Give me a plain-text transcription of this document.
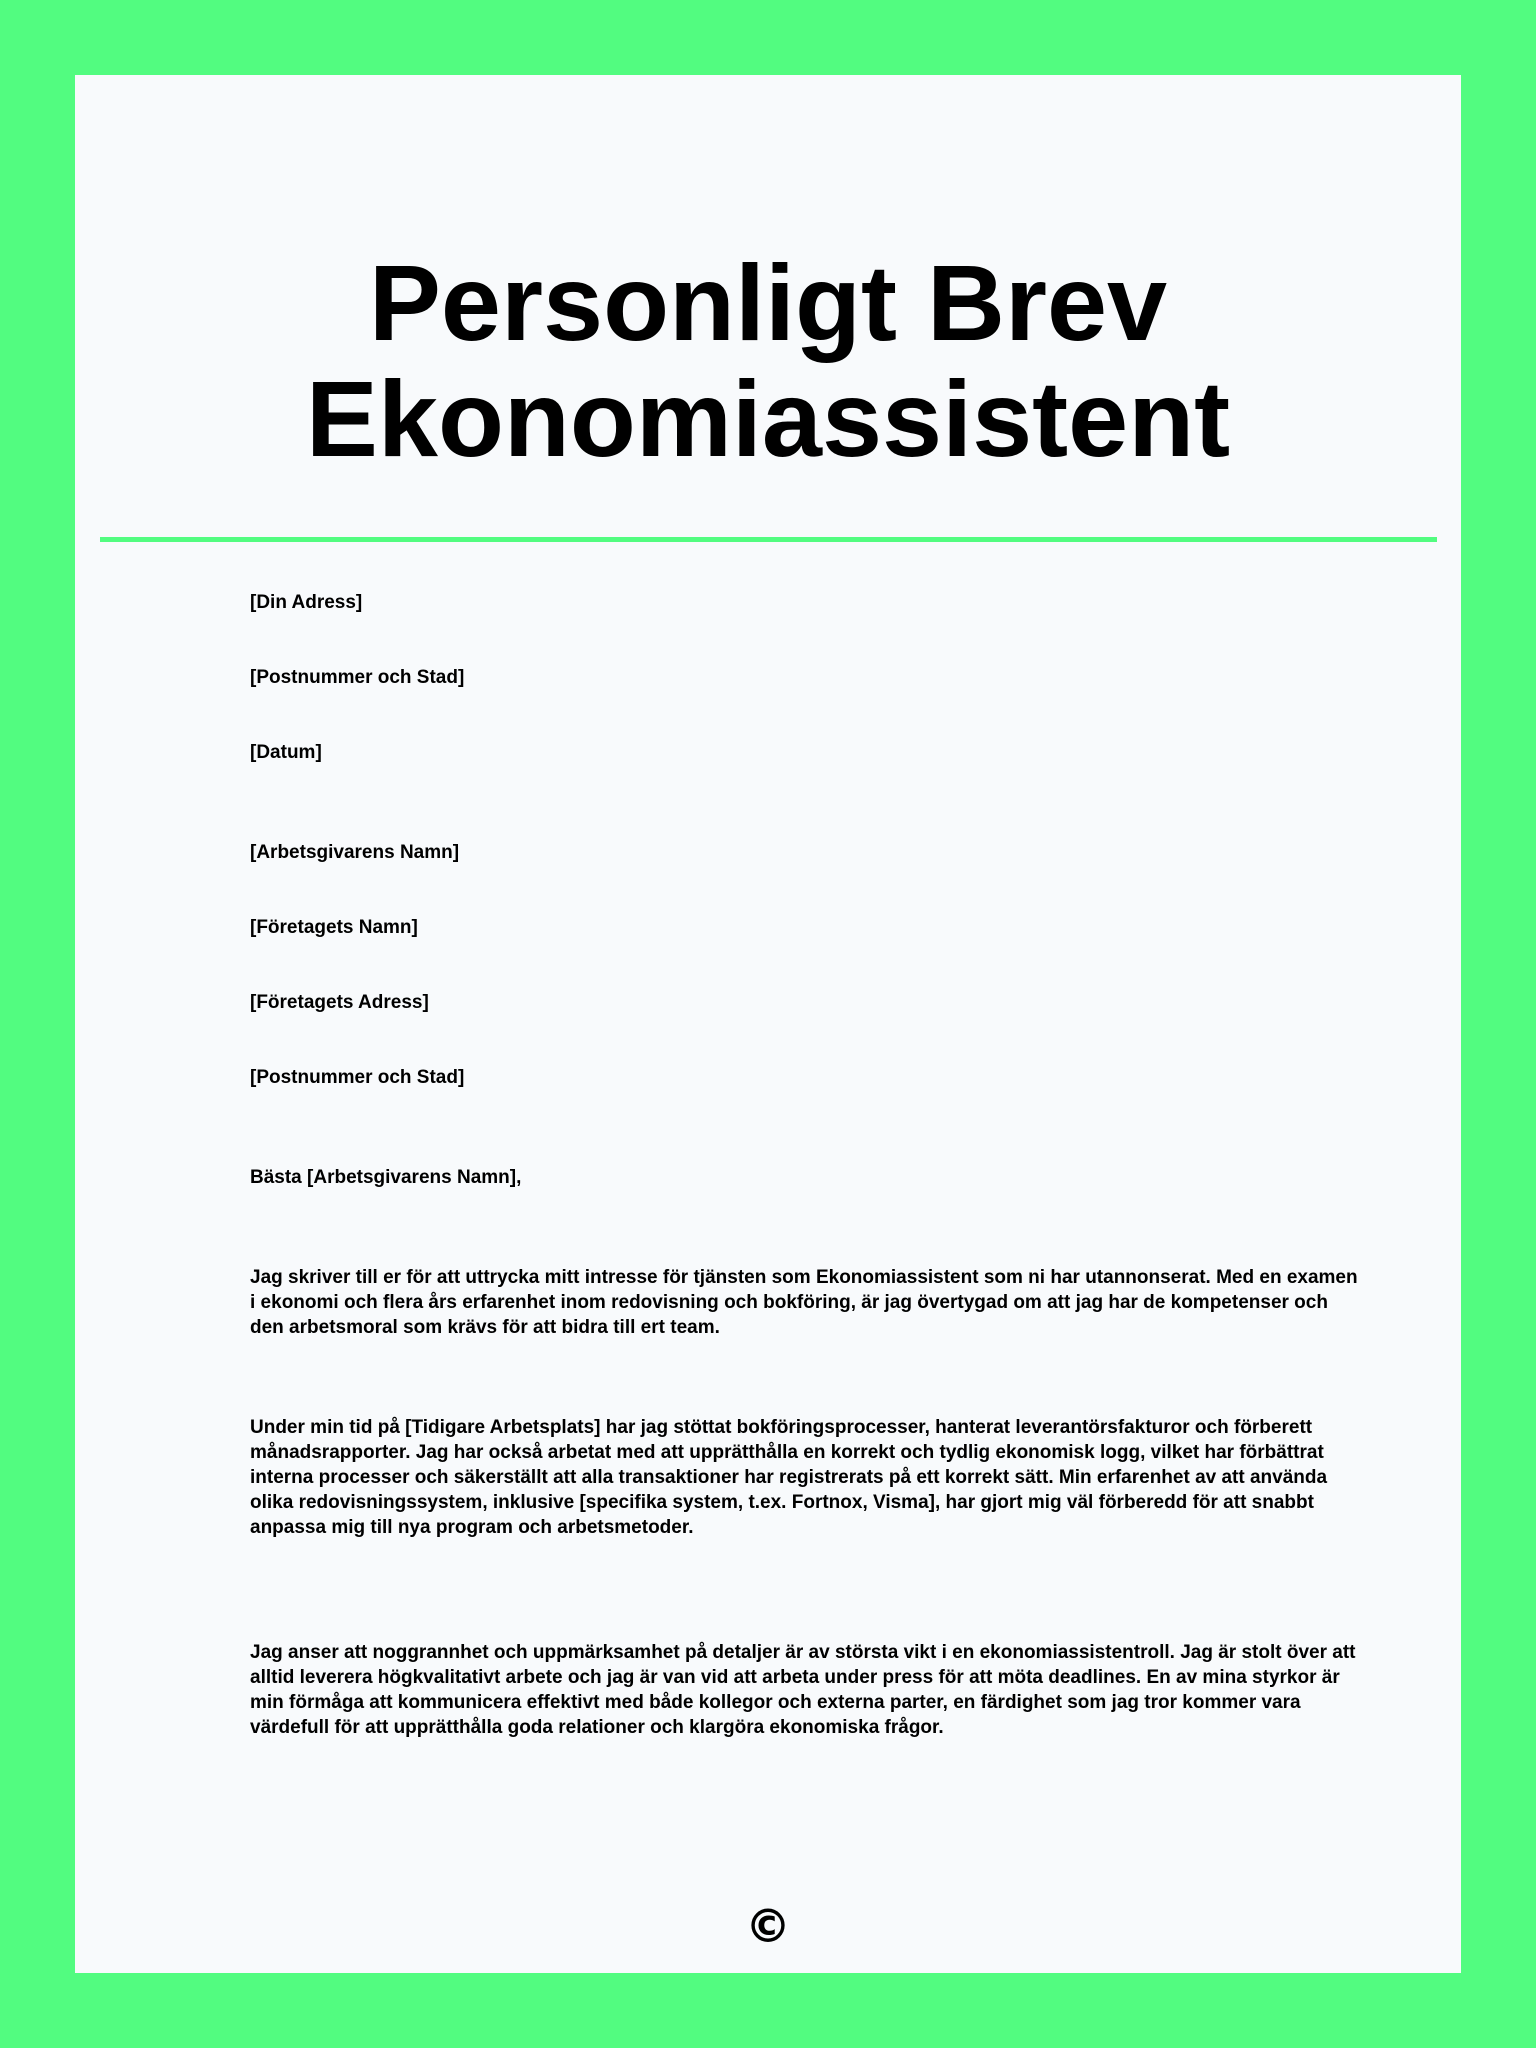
Personligt Brev
Ekonomiassistent

[Din Adress]

[Postnummer och Stad]

[Datum]

[Arbetsgivarens Namn]

[Företagets Namn]

[Företagets Adress]

[Postnummer och Stad]

Bästa [Arbetsgivarens Namn],

Jag skriver till er för att uttrycka mitt intresse för tjänsten som Ekonomiassistent som ni har utannonserat. Med en examen i ekonomi och flera års erfarenhet inom redovisning och bokföring, är jag övertygad om att jag har de kompetenser och den arbetsmoral som krävs för att bidra till ert team.

Under min tid på [Tidigare Arbetsplats] har jag stöttat bokföringsprocesser, hanterat leverantörsfakturor och förberett månadsrapporter. Jag har också arbetat med att upprätthålla en korrekt och tydlig ekonomisk logg, vilket har förbättrat interna processer och säkerställt att alla transaktioner har registrerats på ett korrekt sätt. Min erfarenhet av att använda olika redovisningssystem, inklusive [specifika system, t.ex. Fortnox, Visma], har gjort mig väl förberedd för att snabbt anpassa mig till nya program och arbetsmetoder.

Jag anser att noggrannhet och uppmärksamhet på detaljer är av största vikt i en ekonomiassistentroll. Jag är stolt över att alltid leverera högkvalitativt arbete och jag är van vid att arbeta under press för att möta deadlines. En av mina styrkor är min förmåga att kommunicera effektivt med både kollegor och externa parter, en färdighet som jag tror kommer vara värdefull för att upprätthålla goda relationer och klargöra ekonomiska frågor.

©
